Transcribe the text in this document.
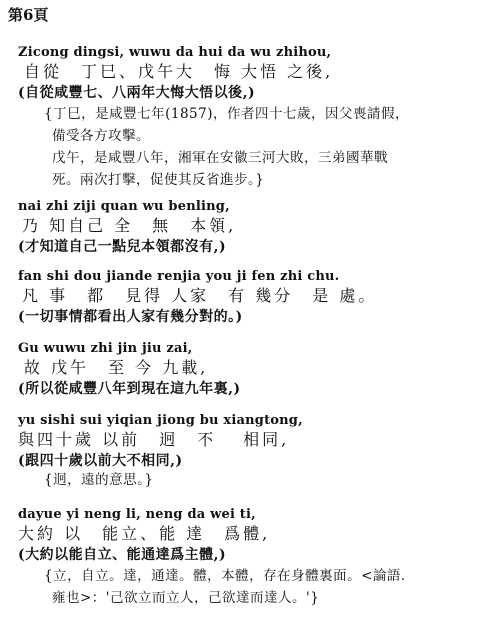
第6頁
Zicong dingsi, wuwu da hui da wu zhihou,
自從　丁巳、戊午大　悔 大悟 之後,
(自從咸豐七、八兩年大悔大悟以後,)
{丁巳，是咸豐七年(1857)，作者四十七歲，因父喪請假，
備受各方攻擊。
戊午，是咸豐八年，湘軍在安徽三河大敗，三弟國華戰
死。兩次打擊，促使其反省進步。}
nai zhi ziji quan wu benling,
乃 知自己 全　無　本領,
(才知道自己一點兒本領都沒有,)
fan shi dou jiande renjia you ji fen zhi chu.
凡 事　都　見得 人家　有 幾分　是 處。
(一切事情都看出人家有幾分對的。)
Gu wuwu zhi jin jiu zai,
故 戊午　至 今 九載,
(所以從咸豐八年到現在這九年裏,)
yu sishi sui yiqian jiong bu xiangtong,
與四十歲 以前　迥　不　 相同,
(跟四十歲以前大不相同,)
{迥，遠的意思。}
dayue yi neng li, neng da wei ti,
大約 以　能立、能 達　爲體,
(大約以能自立、能通達爲主體,)
{立，自立。達，通達。體，本體，存在身體裏面。<論語．
雍也>：'己欲立而立人，己欲達而達人。'}
